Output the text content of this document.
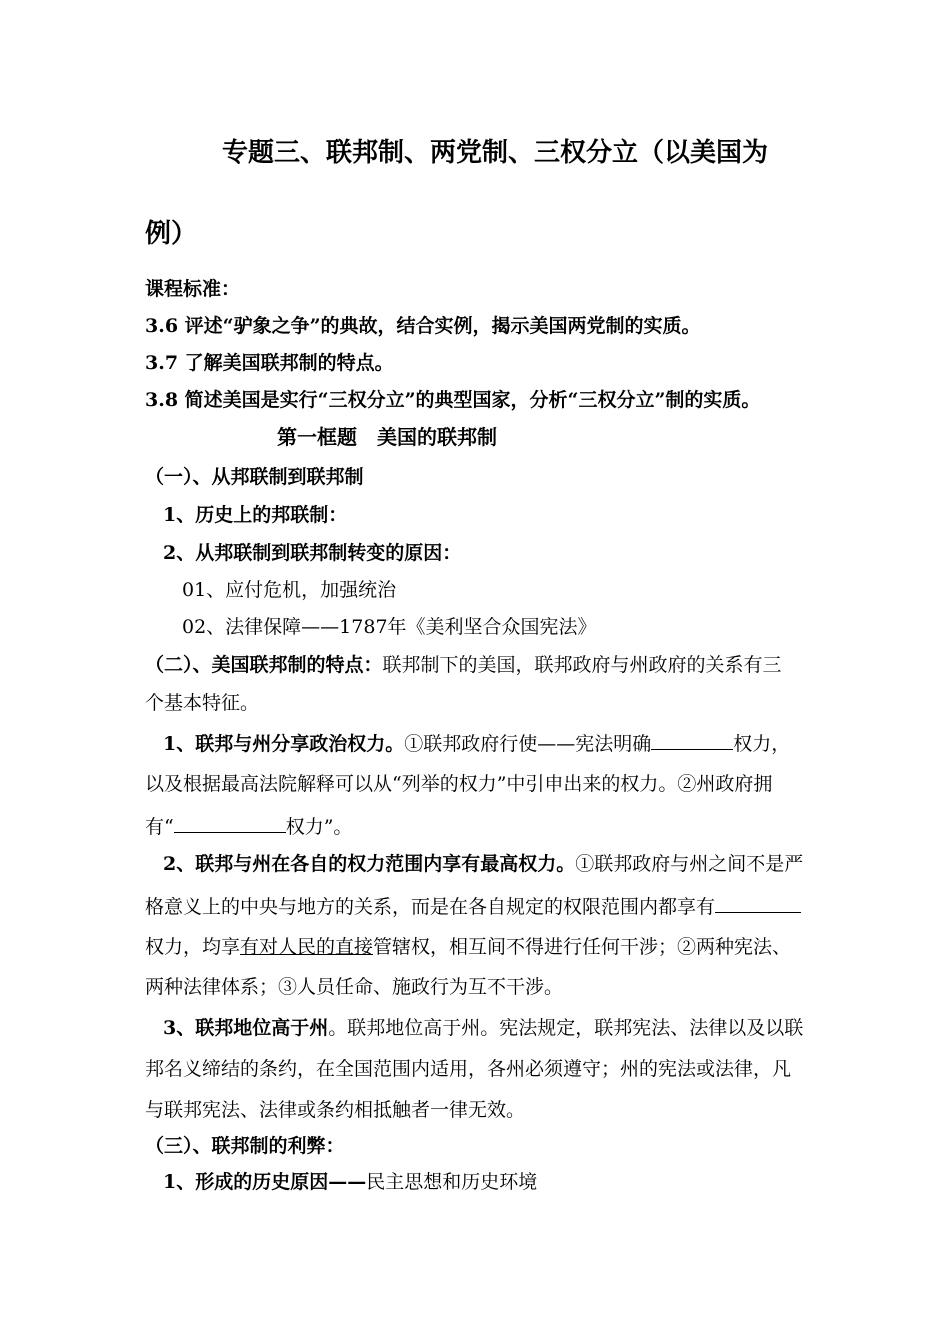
专题三、联邦制、两党制、三权分立（以美国为
例）
课程标准：
3.6 评述“驴象之争”的典故，结合实例，揭示美国两党制的实质。
3.7 了解美国联邦制的特点。
3.8 简述美国是实行“三权分立”的典型国家，分析“三权分立”制的实质。
第一框题　美国的联邦制
（一）、从邦联制到联邦制
1、历史上的邦联制：
2、从邦联制到联邦制转变的原因：
01、应付危机，加强统治
02、法律保障——1787年《美利坚合众国宪法》
（二）、美国联邦制的特点：联邦制下的美国，联邦政府与州政府的关系有三
个基本特征。
1、联邦与州分享政治权力。①联邦政府行使——宪法明确	权力，
以及根据最高法院解释可以从“列举的权力”中引申出来的权力。②州政府拥
有“	权力”。
2、联邦与州在各自的权力范围内享有最高权力。①联邦政府与州之间不是严
格意义上的中央与地方的关系，而是在各自规定的权限范围内都享有
权力，均享有对人民的直接管辖权，相互间不得进行任何干涉；②两种宪法、
两种法律体系；③人员任命、施政行为互不干涉。
3、联邦地位高于州。联邦地位高于州。宪法规定，联邦宪法、法律以及以联
邦名义缔结的条约，在全国范围内适用，各州必须遵守；州的宪法或法律，凡
与联邦宪法、法律或条约相抵触者一律无效。
（三）、联邦制的利弊：
1、形成的历史原因——民主思想和历史环境
